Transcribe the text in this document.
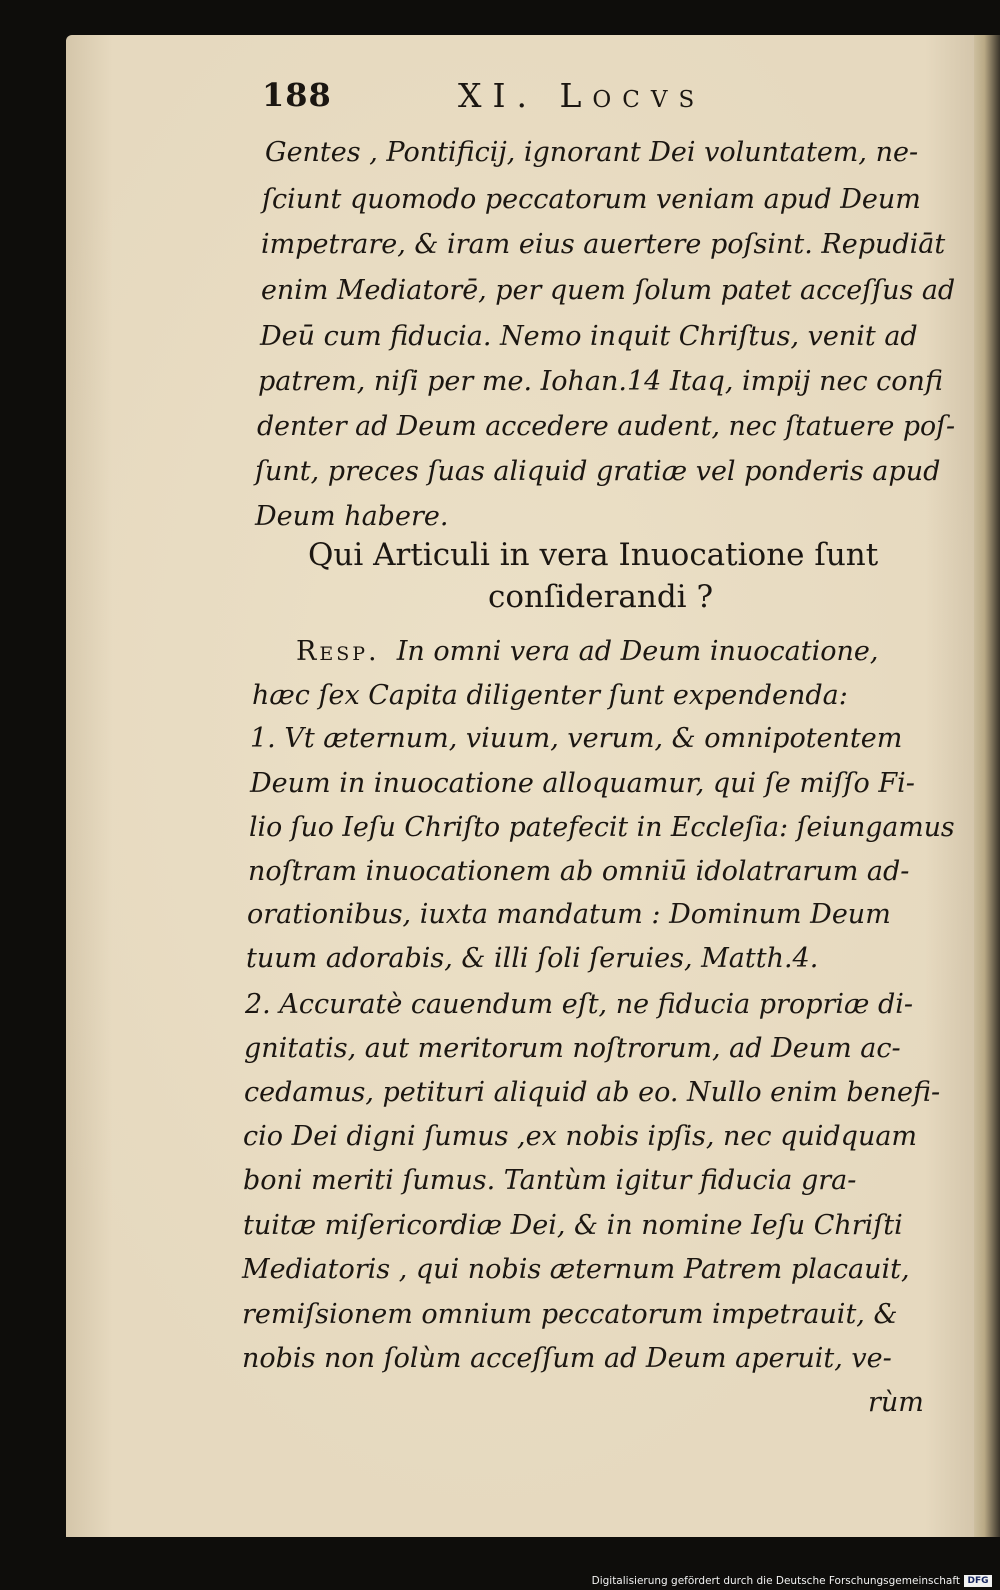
188	XI. Locvs
Gentes , Pontificij, ignorant Dei voluntatem, ne-
ſciunt quomodo peccatorum veniam apud Deum
impetrare, & iram eius auertere poſsint. Repudiāt
enim Mediatorē, per quem ſolum patet acceſſus ad
Deū cum fiducia. Nemo inquit Chriſtus, venit ad
patrem, niſi per me. Iohan.14 Itaq, impij nec confi
denter ad Deum accedere audent, nec ſtatuere poſ-
ſunt, preces ſuas aliquid gratiæ vel ponderis apud
Deum habere.
Qui Articuli in vera Inuocatione ſunt
conſiderandi ?
Resp. In omni vera ad Deum inuocatione,
hæc ſex Capita diligenter ſunt expendenda:
1. Vt æternum, viuum, verum, & omnipotentem
Deum in inuocatione alloquamur, qui ſe miſſo Fi-
lio ſuo Ieſu Chriſto patefecit in Eccleſia: ſeiungamus
noſtram inuocationem ab omniū idolatrarum ad-
orationibus, iuxta mandatum : Dominum Deum
tuum adorabis, & illi ſoli ſeruies, Matth.4.
2. Accuratè cauendum eſt, ne fiducia propriæ di-
gnitatis, aut meritorum noſtrorum, ad Deum ac-
cedamus, petituri aliquid ab eo. Nullo enim benefi-
cio Dei digni ſumus ,ex nobis ipſis, nec quidquam
boni meriti ſumus. Tantùm igitur fiducia gra-
tuitæ miſericordiæ Dei, & in nomine Ieſu Chriſti
Mediatoris , qui nobis æternum Patrem placauit,
remiſsionem omnium peccatorum impetrauit, &
nobis non ſolùm acceſſum ad Deum aperuit, ve-
rùm
Digitalisierung gefördert durch die Deutsche Forschungsgemeinschaft DFG
